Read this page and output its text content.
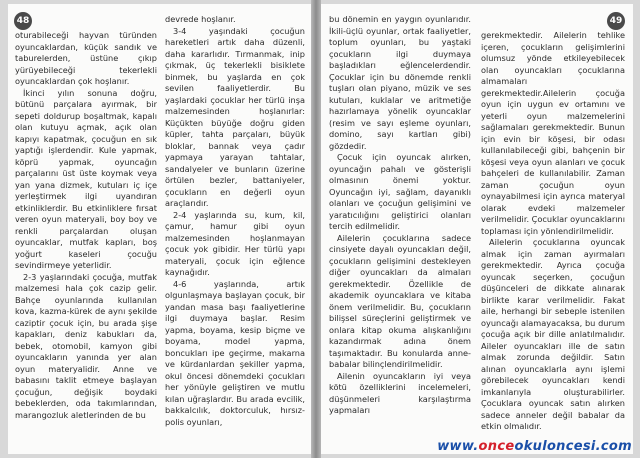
48

oturabileceği hayvan türünden oyuncaklardan, küçük sandık ve taburelerden, üstüne çıkıp yürüyebileceği tekerlekli oyuncaklardan çok hoşlanır.

İkinci yılın sonuna doğru, bütünü parçalara ayırmak, bir sepeti doldurup boşaltmak, kapalı olan kutuyu açmak, açık olan kapıyı kapatmak, çocuğun en sık yaptığı işlerdendir. Kule yapmak, köprü yapmak, oyuncağın parçalarını üst üste koymak veya yan yana dizmek, kutuları iç içe yerleştirmek ilgi uyandıran etkinliklerdir. Bu etkinliklere fırsat veren oyun materyali, boy boy ve renkli parçalardan oluşan oyuncaklar, mutfak kapları, boş yoğurt kaseleri çocuğu sevindirmeye yeterlidir.

2-3 yaşlarındaki çocuğa, mutfak malzemesi hala çok cazip gelir. Bahçe oyunlarında kullanılan kova, kazma-kürek de aynı şekilde cazipti̇r çocuk için, bu arada şişe kapakları, deniz kabukları da, bebek, otomobil, kamyon gibi oyuncakların yanında yer alan oyun materyalidir. Anne ve babasını taklit etmeye başlayan çocuğun, değişik boydaki bebeklerden, oda takımlarından, marangozluk aletlerinden de bu

devrede hoşlanır.

3-4 yaşındaki çocuğun hareketleri artık daha düzenli, daha kararlıdır. Tırmanmak, inip çıkmak, üç tekerlekli bisiklete binmek, bu yaşlarda en çok sevilen faaliyetlerdir. Bu yaşlardaki çocuklar her türlü inşa malzemesinden hoşlanırlar: Küçükten büyüğe doğru giden küpler, tahta parçaları, büyük bloklar, bannak veya çadır yapmaya yarayan tahtalar, sandalyeler ve bunların üzerine örtülen bezler, battaniyeler, çocukların en değerli oyun araçlarıdır.

2-4 yaşlarında su, kum, kil, çamur, hamur gibi oyun malzemesinden hoşlanmayan çocuk yok gibidir. Her türlü yapı materyali, çocuk için eğlence kaynağıdır.

4-6 yaşlarında, artık olgunlaşmaya başlayan çocuk, bir yandan masa başı faaliyetlerine ilgi duymaya başlar. Resim yapma, boyama, kesip biçme ve boyama, model yapma, boncukları ipe geçirme, makarna ve kürdanlardan şekiller yapma, okul öncesi dönemdeki çocukları her yönüyle geliştiren ve mutlu kılan uğraşlardır. Bu arada evcilik, bakkalcılık, doktorculuk, hırsız-polis oyunları,

49

bu dönemin en yaygın oyunlarıdır. İkili-üçlü oyunlar, ortak faaliyetler, toplum oyunları, bu yaştaki çocukların ilgi duymaya başladıkları eğlencelerdendir. Çocuklar için bu dönemde renkli tuşları olan piyano, müzik ve ses kutuları, kuklalar ve aritmetiğe hazırlamaya yönelik oyuncaklar (resim ve sayı eşleme oyunları, domino, sayı kartları gibi) gözdedir.

Çocuk için oyuncak alırken, oyuncağın pahalı ve gösterişli olmasının önemi yoktur. Oyuncağın iyi, sağlam, dayanıklı olanları ve çocuğun gelişimini ve yaratıcılığını geliştirici olanları tercih edilmelidir.

Ailelerin çocuklarına sadece cinsiyete dayalı oyuncakları değil, çocukların gelişimini destekleyen diğer oyuncakları da almaları gerekmektedir. Özellikle de akademik oyuncaklara ve kitaba önem verilmelidir. Bu, çocukların bilişsel süreçlerini geliştirmek ve onlara kitap okuma alışkanlığını kazandırmak adına önem taşımaktadır. Bu konularda anne- babalar bilinçlendirilmelidir.

Ailenin oyuncakların iyi veya kötü özelliklerini incelemeleri, düşünmeleri karşılaştırma yapmaları

gerekmektedir. Ailelerin tehlike içeren, çocukların gelişimlerini olumsuz yönde etkileyebilecek olan oyuncakları çocuklarına almamaları gerekmektedir.Ailelerin çocuğa oyun için uygun ev ortamını ve yeterli oyun malzemelerini sağlamaları gerekmektedir. Bunun için evin bir köşesi, bir odası kullanılabileceği gibi, bahçenin bir köşesi veya oyun alanları ve çocuk bahçeleri de kullanılabilir. Zaman zaman çocuğun oyun oynayabilmesi için ayrıca materyal olarak evdeki malzemeler verilmelidir. Çocuklar oyuncaklarını toplaması için yönlendirilmelidir.

Ailelerin çocuklarına oyuncak almak için zaman ayırmaları gerekmektedir. Ayrıca çocuğa oyuncak seçerken, çocuğun düşünceleri de dikkate alınarak birlikte karar verilmelidir. Fakat aile, herhangi bir sebeple istenilen oyuncağı alamayacaksa, bu durum çocuğa açık bir dille anlatılmalıdır. Aileler oyuncakları ille de satın almak zorunda değildir. Satın alınan oyuncaklarla aynı işlemi görebilecek oyuncakları kendi imkanlarıyla oluşturabilirler. Çocuklara oyuncak satın alırken sadece anneler değil babalar da etkin olmalıdır.

www.onceokuloncesi.com
